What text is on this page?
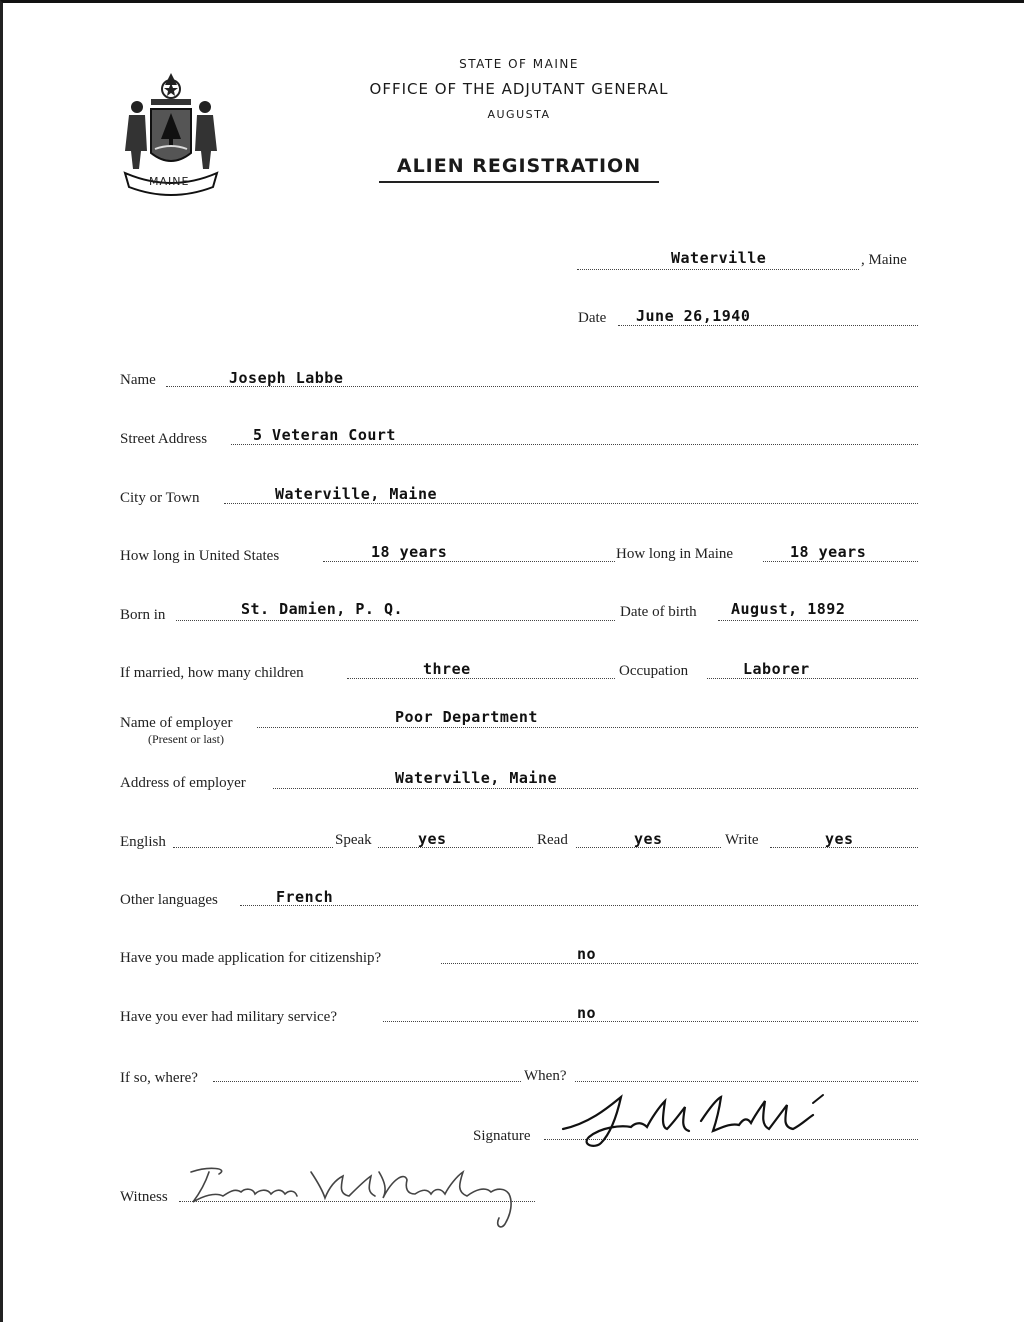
MAINE
STATE OF MAINE
OFFICE OF THE ADJUTANT GENERAL
AUGUSTA
ALIEN REGISTRATION
Waterville	, Maine
Date June 26,1940
Name	Joseph Labbe
Street Address	5 Veteran Court
City or Town	Waterville, Maine
How long in United States	18 years	How long in Maine	18 years
Born in	St. Damien, P. Q.	Date of birth August, 1892
If married, how many children	three	Occupation	Laborer
Name of employer
(Present or last)
Poor Department
Address of employer	Waterville, Maine
English	Speak	yes	Read	yes	Write	yes
Other languages	French
Have you made application for citizenship?	no
Have you ever had military service?	no
If so, where?	When?
Signature
Witness
